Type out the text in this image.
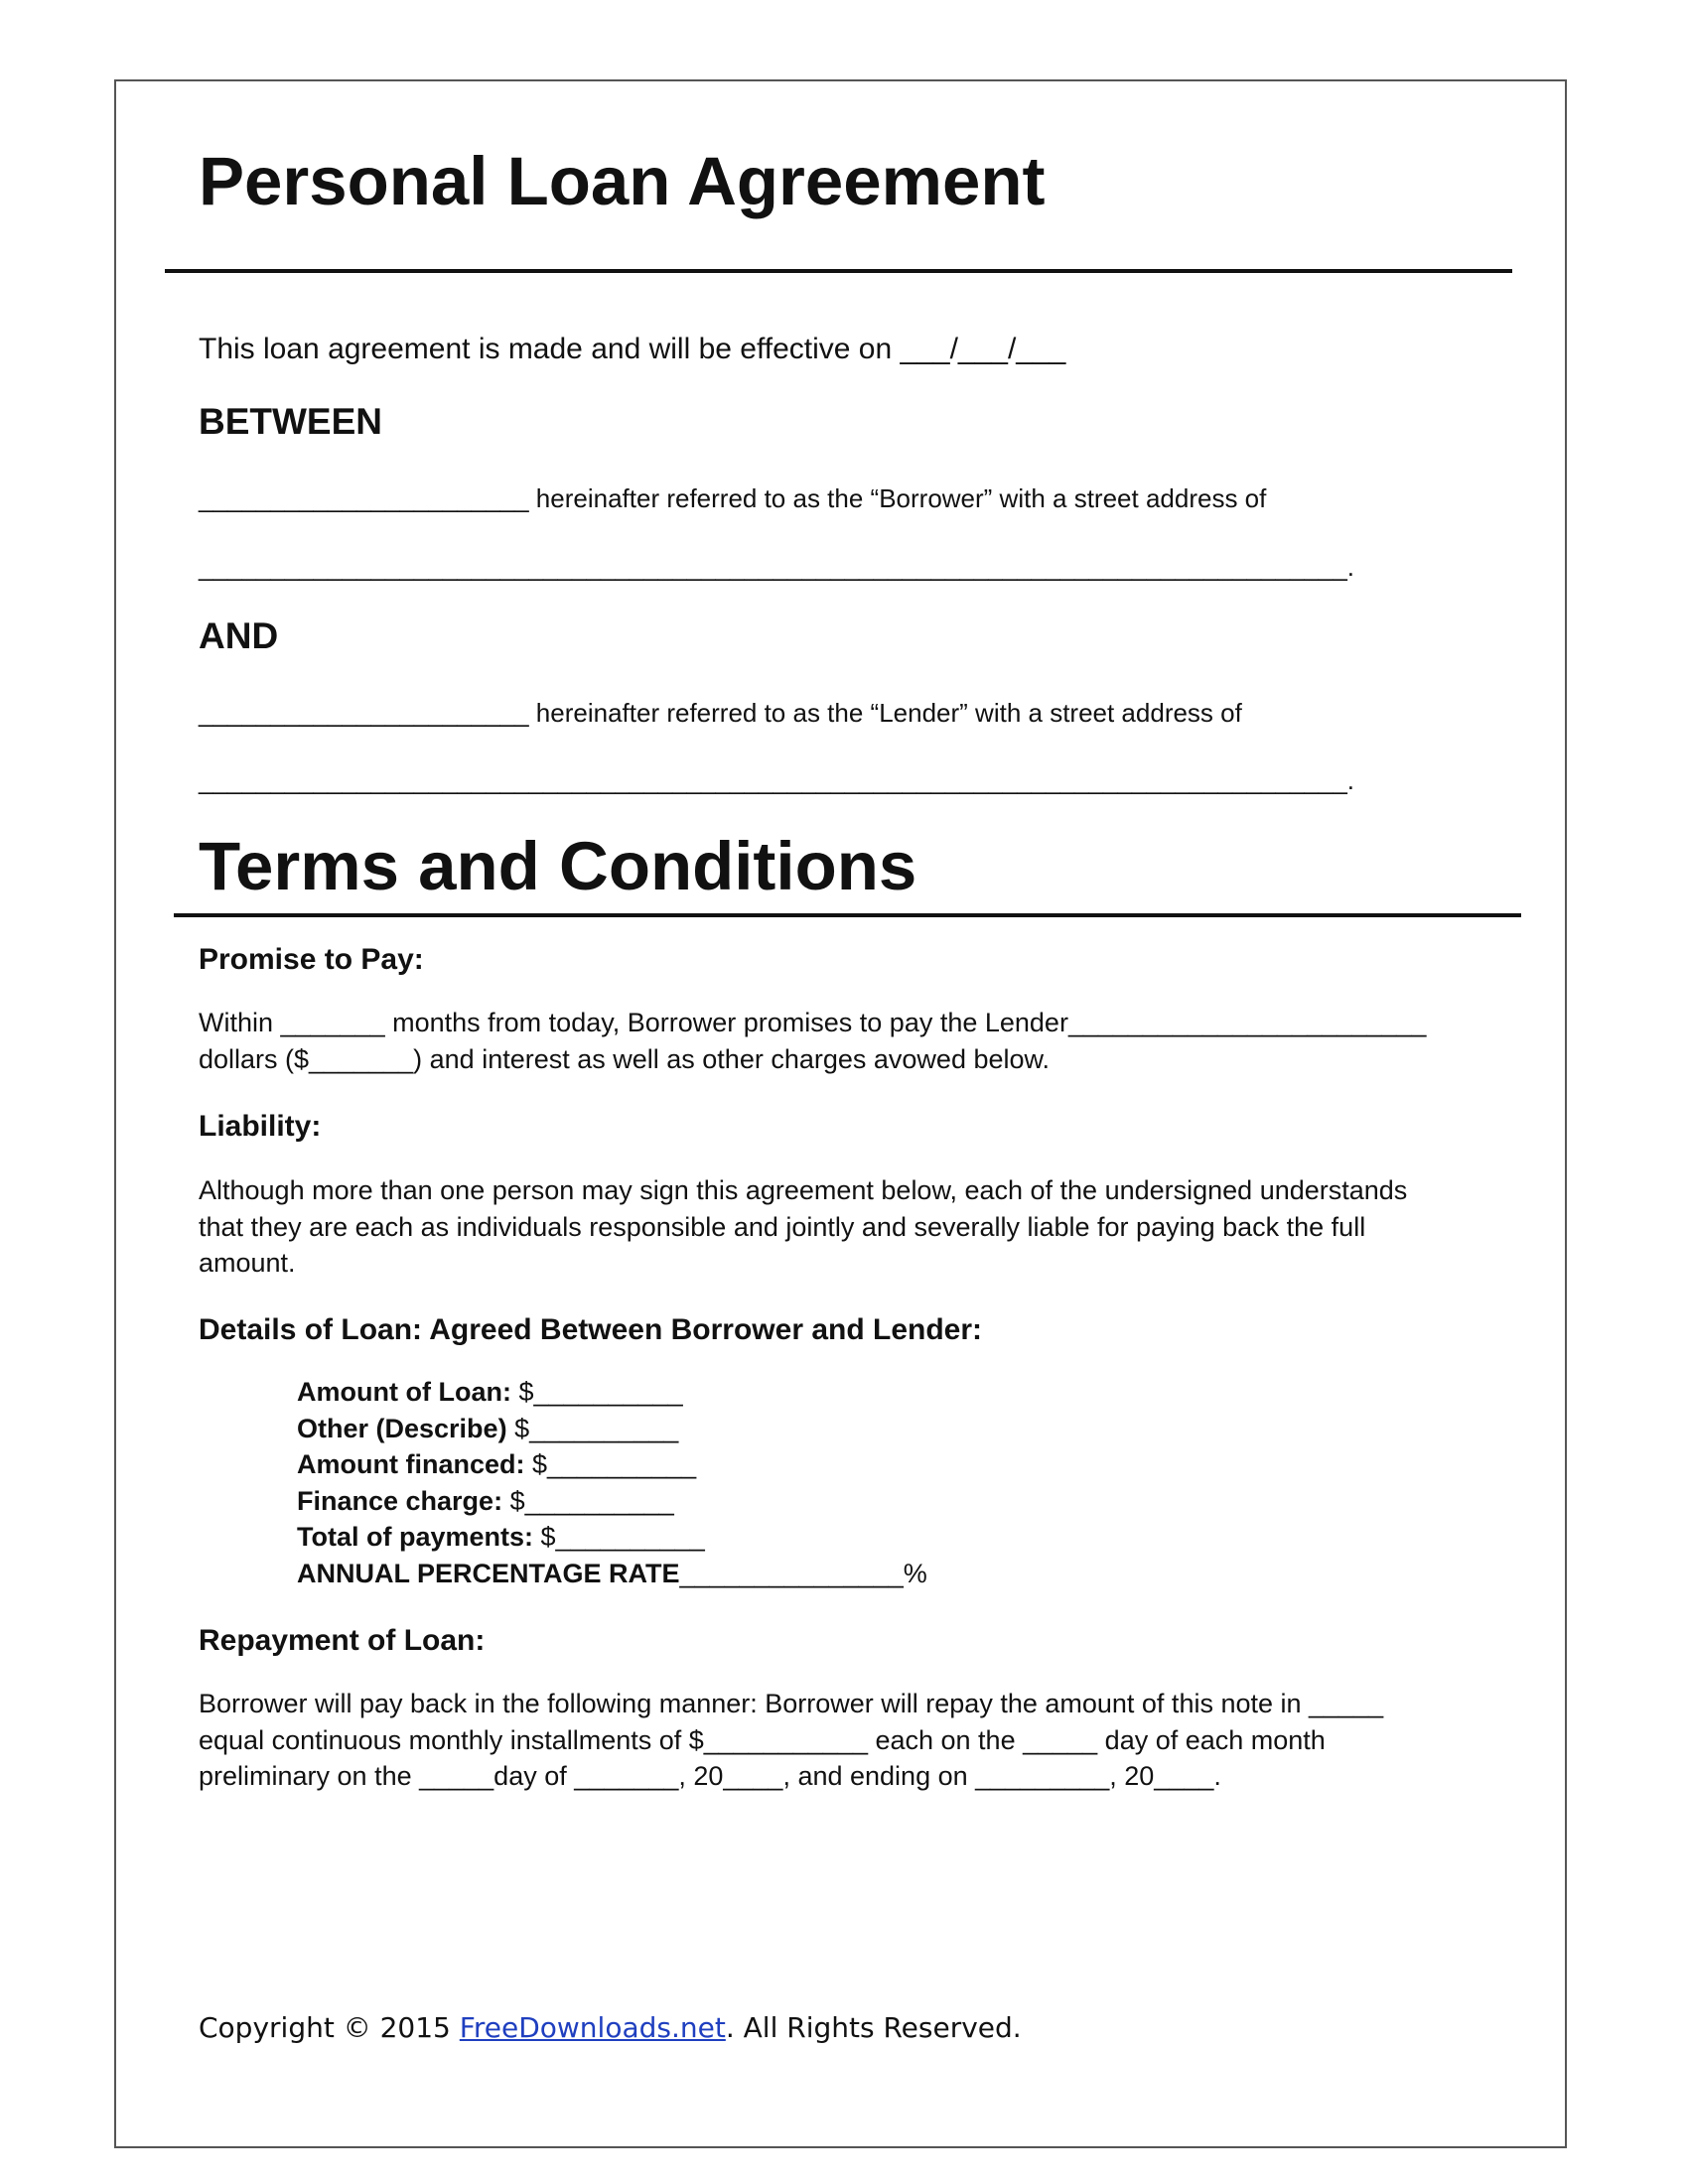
Personal Loan Agreement
This loan agreement is made and will be effective on ___/___/___
BETWEEN
_______________________ hereinafter referred to as the “Borrower” with a street address of
________________________________________________________________________________.
AND
_______________________ hereinafter referred to as the “Lender” with a street address of
________________________________________________________________________________.
Terms and Conditions
Promise to Pay:
Within _______ months from today, Borrower promises to pay the Lender________________________
dollars ($_______) and interest as well as other charges avowed below.
Liability:
Although more than one person may sign this agreement below, each of the undersigned understands
that they are each as individuals responsible and jointly and severally liable for paying back the full
amount.
Details of Loan: Agreed Between Borrower and Lender:
Amount of Loan: $__________
Other (Describe) $__________
Amount financed: $__________
Finance charge: $__________
Total of payments: $__________
ANNUAL PERCENTAGE RATE_______________%
Repayment of Loan:
Borrower will pay back in the following manner: Borrower will repay the amount of this note in _____
equal continuous monthly installments of $___________ each on the _____ day of each month
preliminary on the _____day of _______, 20____, and ending on _________, 20____.
Copyright © 2015 FreeDownloads.net. All Rights Reserved.
